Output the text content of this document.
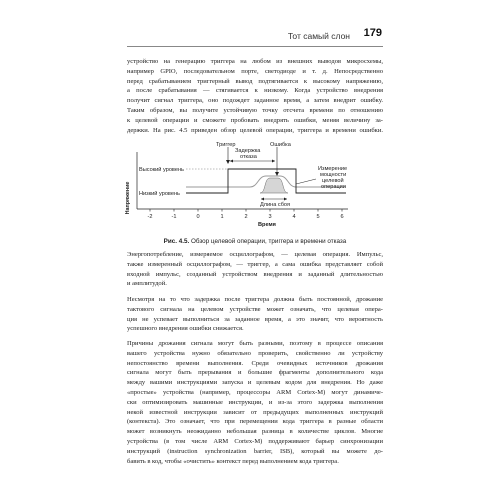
Тот самый слон	179

устройство на генерацию триггера на любом из внешних выводов микросхемы,
например GPIO, последовательном порте, светодиоде и т. д. Непосредственно
перед срабатыванием триггерный вывод подтягивается к высокому напряжению,
а после срабатывания — стягивается к низкому. Когда устройство внедрения
получит сигнал триггера, оно подождет заданное время, а затем внедрит ошибку.
Таким образом, вы получите устойчивую точку отсчета времени по отношению
к целевой операции и сможете пробовать внедрять ошибки, меняя величину за-
держки. На рис. 4.5 приведен обзор целевой операции, триггера и времени ошибки.

Напряжение
-2	-1	0	1	2	3	4	5	6
Высокий уровень
Низкий уровень
Триггер	Ошибка
Задержка
отказа
Длина сбоя
Измерение
мощности
целевой
операции
Время
Рис. 4.5. Обзор целевой операции, триггера и времени отказа

Энергопотребление, измеряемое осциллографом, — целевая операция. Импульс,
также измеренный осциллографом, — триггер, а сама ошибка представляет собой
входной импульс, созданный устройством внедрения и заданный длительностью
и амплитудой.

Несмотря на то что задержка после триггера должна быть постоянной, дрожание
тактового сигнала на целевом устройстве может означать, что целевая опера-
ция не успевает выполниться за заданное время, а это значит, что вероятность
успешного внедрения ошибки снижается.

Причины дрожания сигнала могут быть разными, поэтому в процессе описания
вашего устройства нужно обязательно проверить, свойственно ли устройству
непостоянство времени выполнения. Среди очевидных источников дрожания
сигнала могут быть прерывания и большие фрагменты дополнительного кода
между вашими инструкциями запуска и целевым кодом для внедрения. Но даже
«простые» устройства (например, процессоры ARM Cortex-M) могут динамиче-
ски оптимизировать машинные инструкции, и из-за этого задержка выполнения
некой известной инструкции зависит от предыдущих выполненных инструкций
(контекста). Это означает, что при перемещении кода триггера в разные области
может возникнуть неожиданно небольшая разница в количестве циклов. Многие
устройства (в том числе ARM Cortex-M) поддерживают барьер синхронизации
инструкций (instruction synchronization barrier, ISB), который вы можете до-
бавить в код, чтобы «очистить» контекст перед выполнением кода триггера.
